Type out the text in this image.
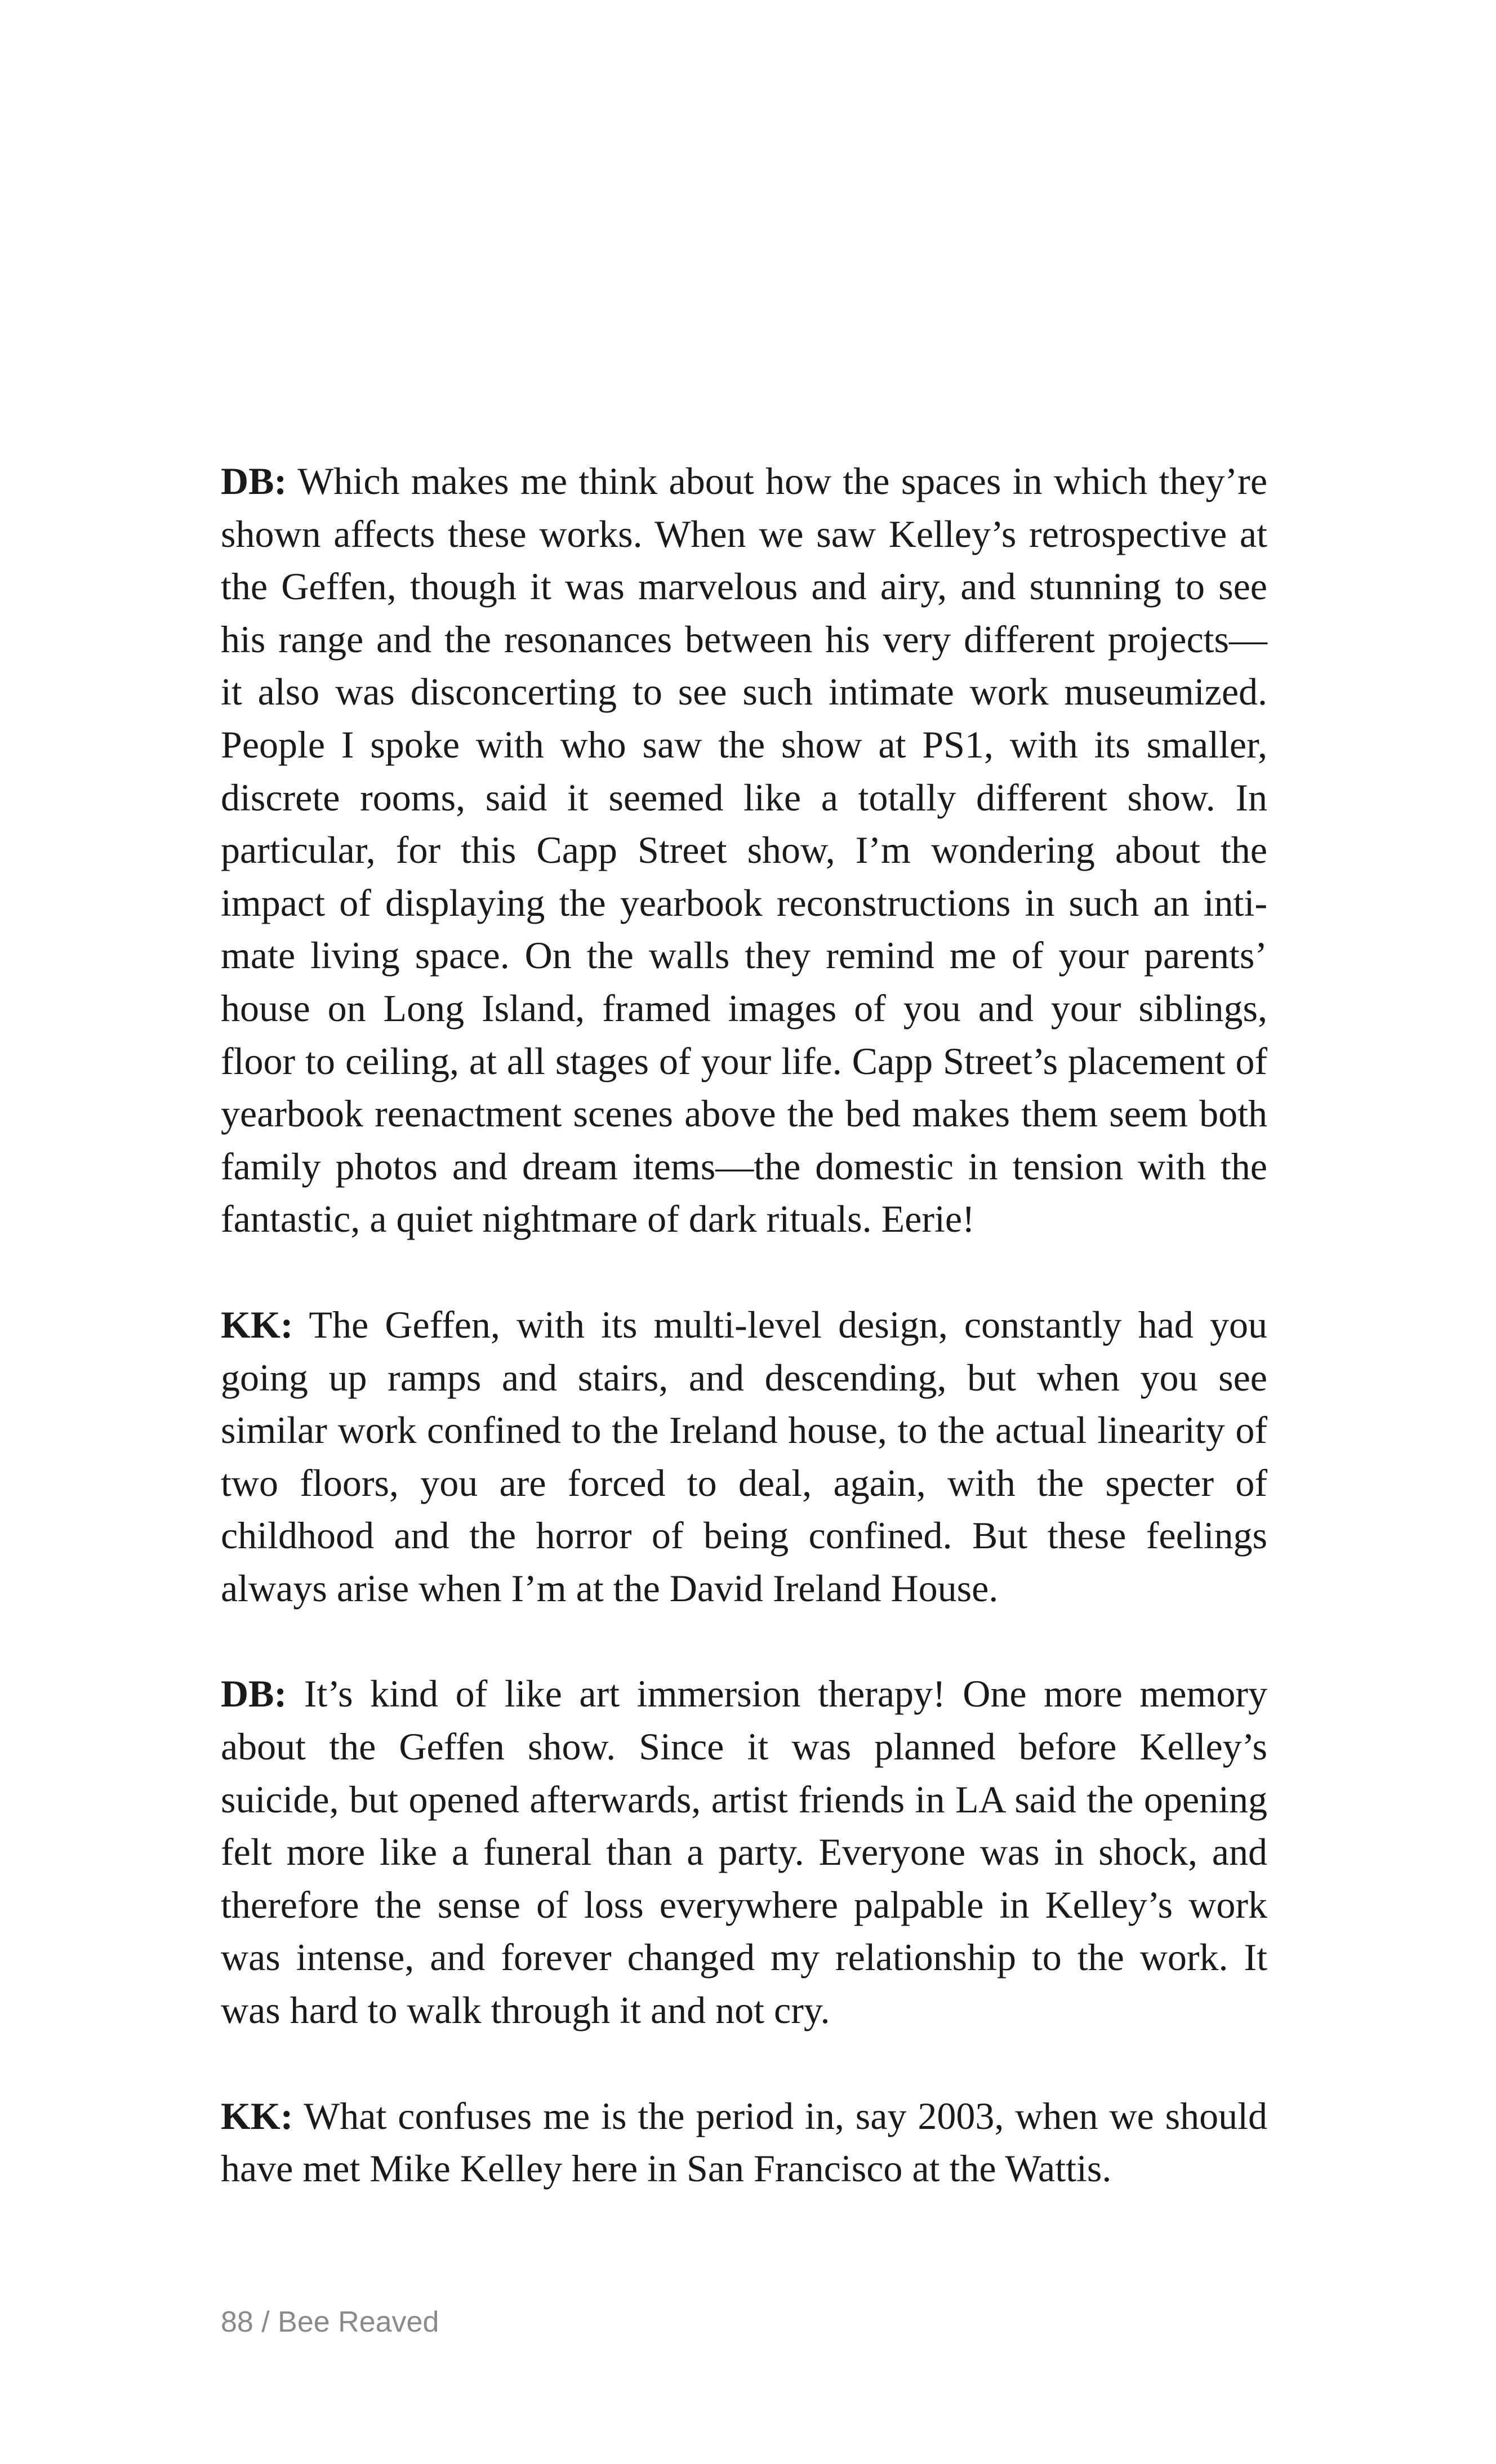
DB: Which makes me think about how the spaces in which they’re shown affects these works. When we saw Kelley’s retrospective at the Geffen, though it was marvelous and airy, and stunning to see his range and the resonances between his very different projects— it also was disconcerting to see such intimate work museumized. People I spoke with who saw the show at PS1, with its smaller, discrete rooms, said it seemed like a totally different show. In particular, for this Capp Street show, I’m wondering about the impact of displaying the yearbook reconstructions in such an intimate living space. On the walls they remind me of your parents’ house on Long Island, framed images of you and your siblings, floor to ceiling, at all stages of your life. Capp Street’s placement of yearbook reenactment scenes above the bed makes them seem both family photos and dream items—the domestic in tension with the fantastic, a quiet nightmare of dark rituals. Eerie!

KK: The Geffen, with its multi-level design, constantly had you going up ramps and stairs, and descending, but when you see similar work confined to the Ireland house, to the actual linearity of two floors, you are forced to deal, again, with the specter of childhood and the horror of being confined. But these feelings always arise when I’m at the David Ireland House.

DB: It’s kind of like art immersion therapy! One more memory about the Geffen show. Since it was planned before Kelley’s suicide, but opened afterwards, artist friends in LA said the opening felt more like a funeral than a party. Everyone was in shock, and therefore the sense of loss everywhere palpable in Kelley’s work was intense, and forever changed my relationship to the work. It was hard to walk through it and not cry.

KK: What confuses me is the period in, say 2003, when we should have met Mike Kelley here in San Francisco at the Wattis.

88 / Bee Reaved
